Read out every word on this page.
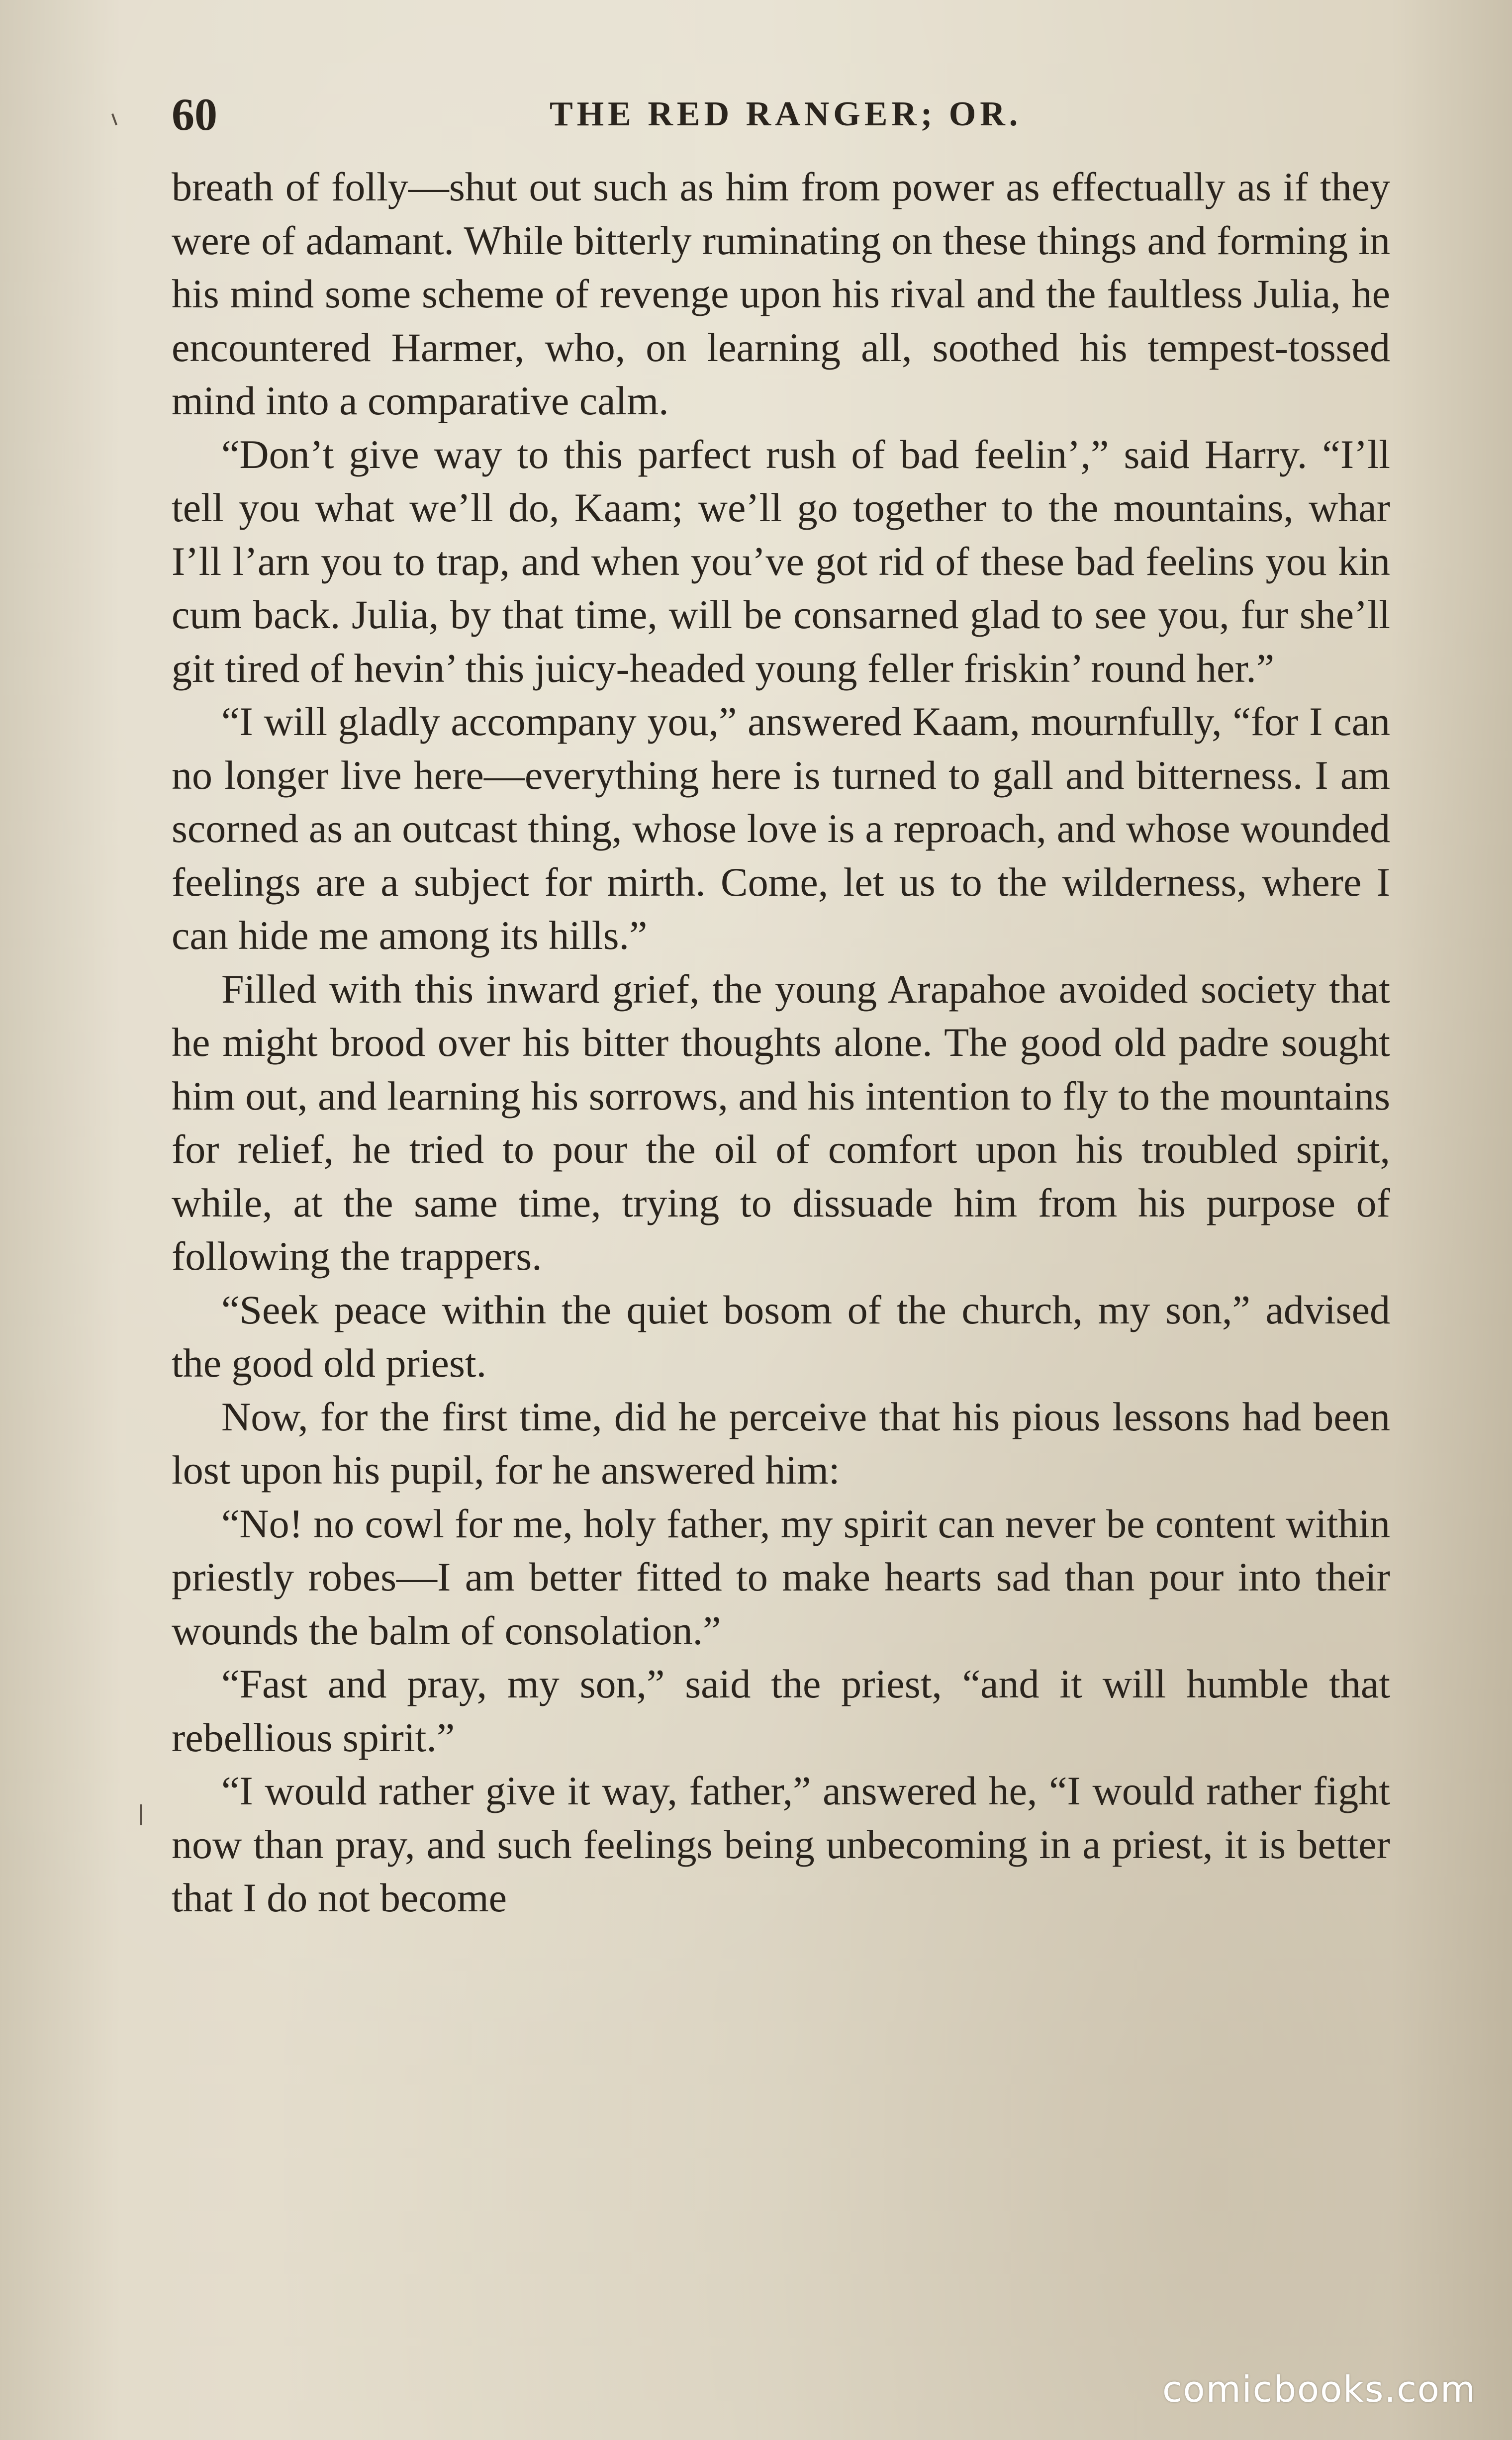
60	THE RED RANGER; OR.

breath of folly—shut out such as him from power as effectually as if they were of adamant. While bitterly ruminating on these things and forming in his mind some scheme of revenge upon his rival and the faultless Julia, he encountered Harmer, who, on learning all, soothed his tempest-tossed mind into a comparative calm.

“Don’t give way to this parfect rush of bad feelin’,” said Harry. “I’ll tell you what we’ll do, Kaam; we’ll go together to the mountains, whar I’ll l’arn you to trap, and when you’ve got rid of these bad feelins you kin cum back. Julia, by that time, will be consarned glad to see you, fur she’ll git tired of hevin’ this juicy-headed young feller friskin’ round her.”

“I will gladly accompany you,” answered Kaam, mournfully, “for I can no longer live here—everything here is turned to gall and bitterness. I am scorned as an outcast thing, whose love is a reproach, and whose wounded feelings are a subject for mirth. Come, let us to the wilderness, where I can hide me among its hills.”

Filled with this inward grief, the young Arapahoe avoided society that he might brood over his bitter thoughts alone. The good old padre sought him out, and learning his sorrows, and his intention to fly to the mountains for relief, he tried to pour the oil of comfort upon his troubled spirit, while, at the same time, trying to dissuade him from his purpose of following the trappers.

“Seek peace within the quiet bosom of the church, my son,” advised the good old priest.

Now, for the first time, did he perceive that his pious lessons had been lost upon his pupil, for he answered him:

“No! no cowl for me, holy father, my spirit can never be content within priestly robes—I am better fitted to make hearts sad than pour into their wounds the balm of consolation.”

“Fast and pray, my son,” said the priest, “and it will humble that rebellious spirit.”

“I would rather give it way, father,” answered he, “I would rather fight now than pray, and such feelings being unbecoming in a priest, it is better that I do not become

comicbooks.com
